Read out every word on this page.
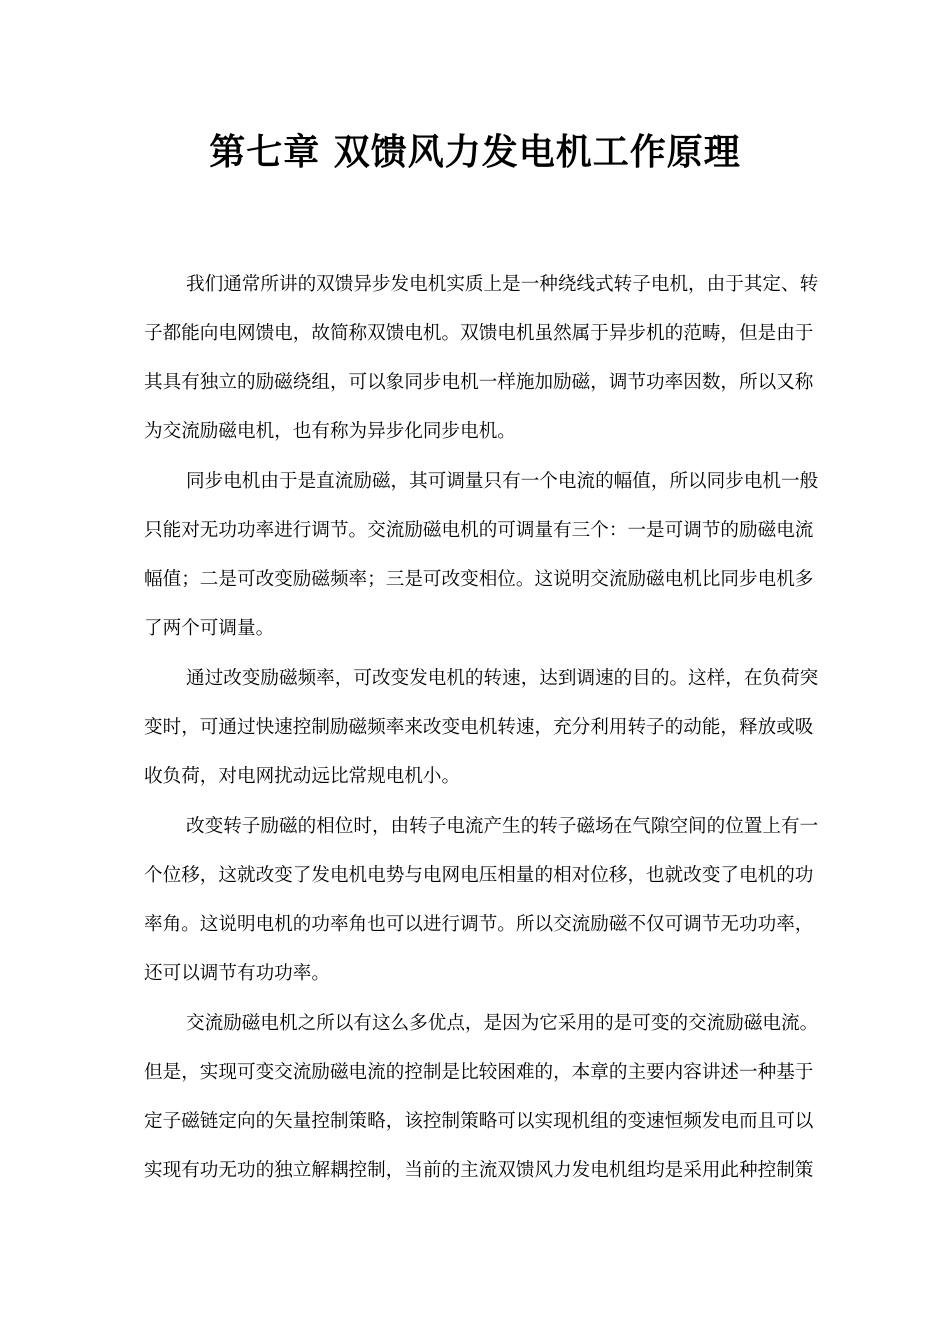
第七章 双馈风力发电机工作原理
我们通常所讲的双馈异步发电机实质上是一种绕线式转子电机，由于其定、转
子都能向电网馈电，故简称双馈电机。双馈电机虽然属于异步机的范畴，但是由于
其具有独立的励磁绕组，可以象同步电机一样施加励磁，调节功率因数，所以又称
为交流励磁电机，也有称为异步化同步电机。
同步电机由于是直流励磁，其可调量只有一个电流的幅值，所以同步电机一般
只能对无功功率进行调节。交流励磁电机的可调量有三个：一是可调节的励磁电流
幅值；二是可改变励磁频率；三是可改变相位。这说明交流励磁电机比同步电机多
了两个可调量。
通过改变励磁频率，可改变发电机的转速，达到调速的目的。这样，在负荷突
变时，可通过快速控制励磁频率来改变电机转速，充分利用转子的动能，释放或吸
收负荷，对电网扰动远比常规电机小。
改变转子励磁的相位时，由转子电流产生的转子磁场在气隙空间的位置上有一
个位移，这就改变了发电机电势与电网电压相量的相对位移，也就改变了电机的功
率角。这说明电机的功率角也可以进行调节。所以交流励磁不仅可调节无功功率，
还可以调节有功功率。
交流励磁电机之所以有这么多优点，是因为它采用的是可变的交流励磁电流。
但是，实现可变交流励磁电流的控制是比较困难的，本章的主要内容讲述一种基于
定子磁链定向的矢量控制策略，该控制策略可以实现机组的变速恒频发电而且可以
实现有功无功的独立解耦控制，当前的主流双馈风力发电机组均是采用此种控制策
